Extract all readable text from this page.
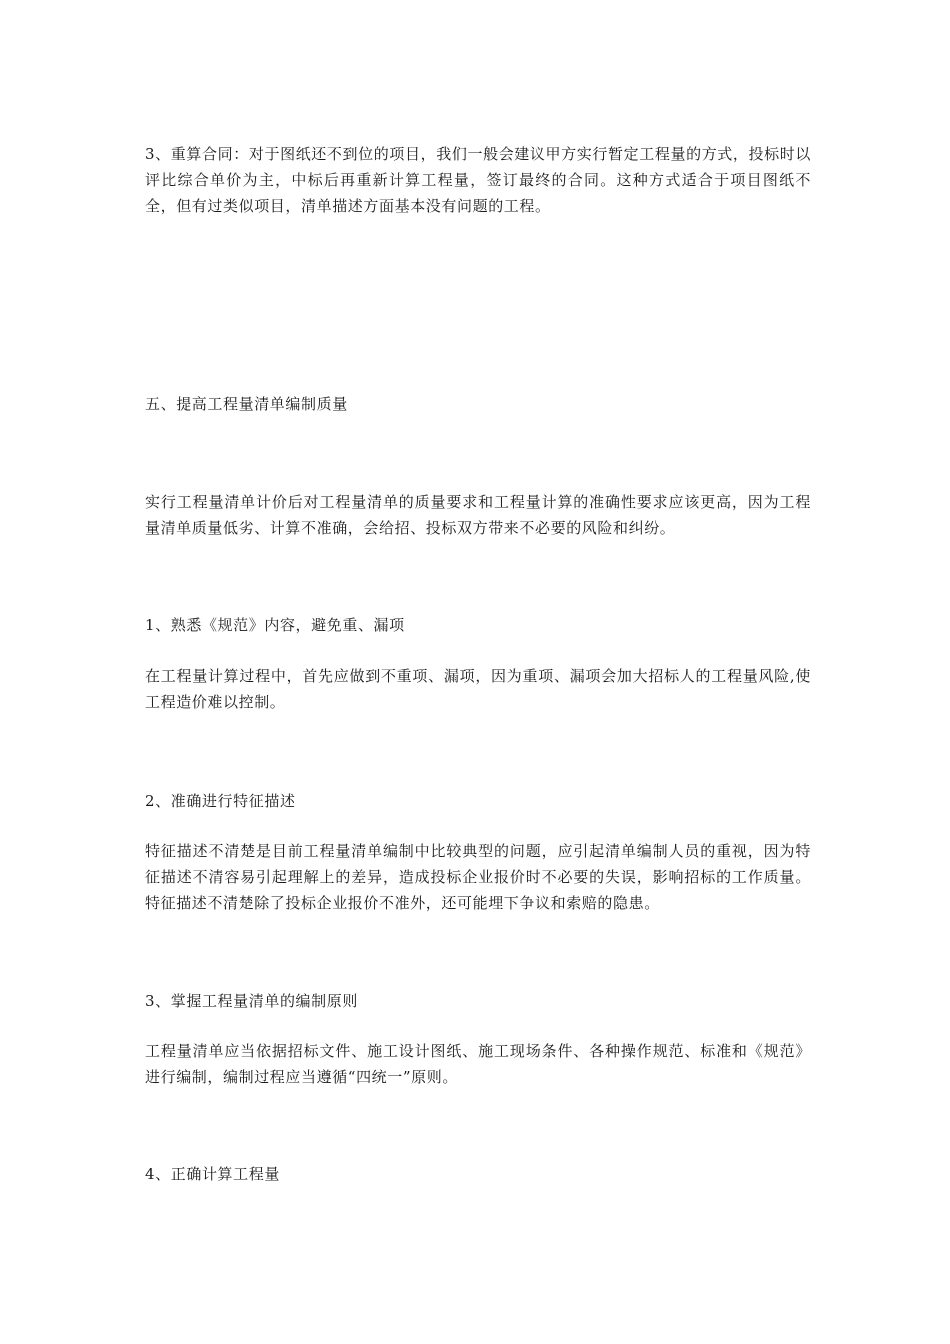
3、重算合同：对于图纸还不到位的项目，我们一般会建议甲方实行暂定工程量的方式，投标时以评比综合单价为主，中标后再重新计算工程量，签订最终的合同。这种方式适合于项目图纸不全，但有过类似项目，清单描述方面基本没有问题的工程。

五、提高工程量清单编制质量

实行工程量清单计价后对工程量清单的质量要求和工程量计算的准确性要求应该更高，因为工程量清单质量低劣、计算不准确，会给招、投标双方带来不必要的风险和纠纷。

1、熟悉《规范》内容，避免重、漏项

在工程量计算过程中，首先应做到不重项、漏项，因为重项、漏项会加大招标人的工程量风险,使工程造价难以控制。

2、准确进行特征描述

特征描述不清楚是目前工程量清单编制中比较典型的问题，应引起清单编制人员的重视，因为特征描述不清容易引起理解上的差异，造成投标企业报价时不必要的失误，影响招标的工作质量。特征描述不清楚除了投标企业报价不准外，还可能埋下争议和索赔的隐患。

3、掌握工程量清单的编制原则

工程量清单应当依据招标文件、施工设计图纸、施工现场条件、各种操作规范、标准和《规范》进行编制，编制过程应当遵循“四统一”原则。

4、正确计算工程量
